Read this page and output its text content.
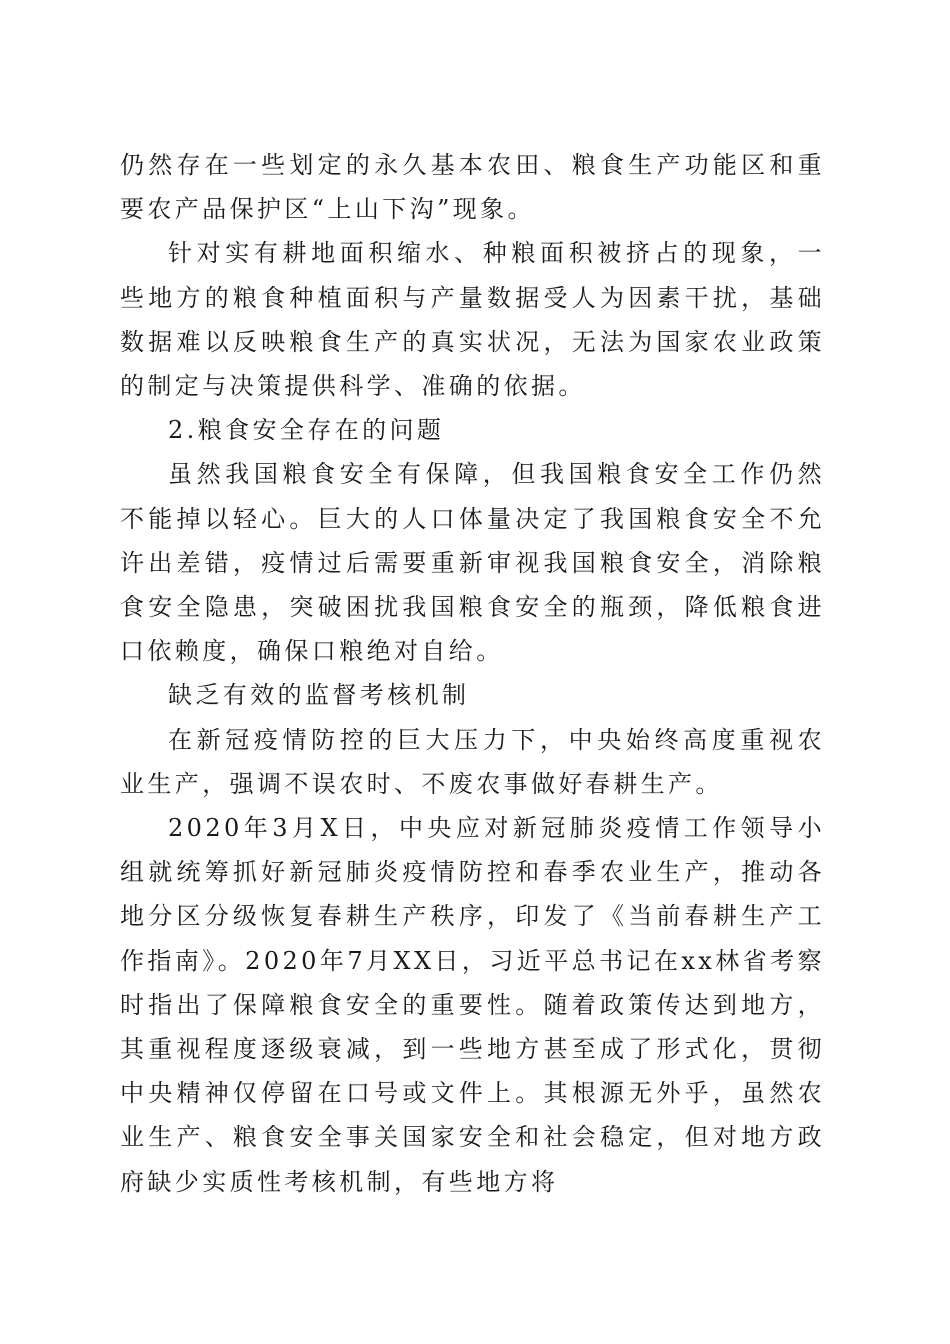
仍然存在一些划定的永久基本农田、粮食生产功能区和重要农产品保护区“上山下沟”现象。

针对实有耕地面积缩水、种粮面积被挤占的现象，一些地方的粮食种植面积与产量数据受人为因素干扰，基础数据难以反映粮食生产的真实状况，无法为国家农业政策的制定与决策提供科学、准确的依据。

2.粮食安全存在的问题

虽然我国粮食安全有保障，但我国粮食安全工作仍然不能掉以轻心。巨大的人口体量决定了我国粮食安全不允许出差错，疫情过后需要重新审视我国粮食安全，消除粮食安全隐患，突破困扰我国粮食安全的瓶颈，降低粮食进口依赖度，确保口粮绝对自给。

缺乏有效的监督考核机制

在新冠疫情防控的巨大压力下，中央始终高度重视农业生产，强调不误农时、不废农事做好春耕生产。

2020年3月X日，中央应对新冠肺炎疫情工作领导小组就统筹抓好新冠肺炎疫情防控和春季农业生产，推动各地分区分级恢复春耕生产秩序，印发了《当前春耕生产工作指南》。2020年7月XX日，习近平总书记在xx林省考察时指出了保障粮食安全的重要性。随着政策传达到地方，其重视程度逐级衰减，到一些地方甚至成了形式化，贯彻中央精神仅停留在口号或文件上。其根源无外乎，虽然农业生产、粮食安全事关国家安全和社会稳定，但对地方政府缺少实质性考核机制，有些地方将
